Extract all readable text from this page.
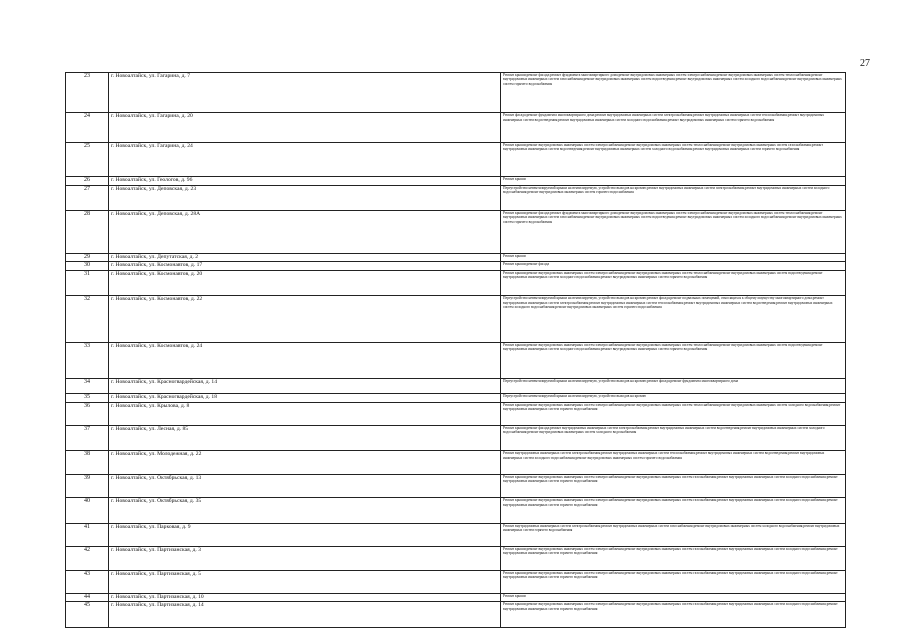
27
23	г. Новоалтайск, ул. Гагарина, д. 7	Ремонт крыши;ремонт фасада;ремонт фундамента многоквартирного дома;ремонт внутридомовых инженерных систем электроснабжения;ремонт внутридомовых инженерных систем теплоснабжения;ремонт внутридомовых инженерных систем газоснабжения;ремонт внутридомовых инженерных систем водоотведения;ремонт внутридомовых инженерных систем холодного водоснабжения;ремонт внутридомовых инженерных систем горячего водоснабжения
24	г. Новоалтайск, ул. Гагарина, д. 20	Ремонт фасада;ремонт фундамента многоквартирного дома;ремонт внутридомовых инженерных систем электроснабжения;ремонт внутридомовых инженерных систем теплоснабжения;ремонт внутридомовых инженерных систем водоотведения;ремонт внутридомовых инженерных систем холодного водоснабжения;ремонт внутридомовых инженерных систем горячего водоснабжения
25	г. Новоалтайск, ул. Гагарина, д. 24	Ремонт крыши;ремонт внутридомовых инженерных систем электроснабжения;ремонт внутридомовых инженерных систем теплоснабжения;ремонт внутридомовых инженерных систем газоснабжения;ремонт внутридомовых инженерных систем водоотведения;ремонт внутридомовых инженерных систем холодного водоснабжения;ремонт внутридомовых инженерных систем горячего водоснабжения
26	г. Новоалтайск, ул. Геологов, д. 96	Ремонт крыши
27	г. Новоалтайск, ул. Деповская, д. 23	Переустройство невентилируемой крыши на вентилируемую, устройство выходов на кровлю;ремонт внутридомовых инженерных систем электроснабжения;ремонт внутридомовых инженерных систем холодного водоснабжения;ремонт внутридомовых инженерных систем горячего водоснабжения
28	г. Новоалтайск, ул. Деповская, д. 28А	Ремонт крыши;ремонт фасада;ремонт фундамента многоквартирного дома;ремонт внутридомовых инженерных систем электроснабжения;ремонт внутридомовых инженерных систем теплоснабжения;ремонт внутридомовых инженерных систем газоснабжения;ремонт внутридомовых инженерных систем водоотведения;ремонт внутридомовых инженерных систем холодного водоснабжения;ремонт внутридомовых инженерных систем горячего водоснабжения
29	г. Новоалтайск, ул. Депутатская, д. 2	Ремонт крыши
30	г. Новоалтайск, ул. Космонавтов, д. 17	Ремонт крыши;ремонт фасада
31	г. Новоалтайск, ул. Космонавтов, д. 20	Ремонт крыши;ремонт внутридомовых инженерных систем электроснабжения;ремонт внутридомовых инженерных систем теплоснабжения;ремонт внутридомовых инженерных систем водоотведения;ремонт внутридомовых инженерных систем холодного водоснабжения;ремонт внутридомовых инженерных систем горячего водоснабжения
32	г. Новоалтайск, ул. Космонавтов, д. 22	Переустройство невентилируемой крыши на вентилируемую, устройство выходов на кровлю;ремонт фасада;ремонт подвальных помещений, относящихся к общему имуществу многоквартирного дома;ремонт внутридомовых инженерных систем электроснабжения;ремонт внутридомовых инженерных систем теплоснабжения;ремонт внутридомовых инженерных систем водоотведения;ремонт внутридомовых инженерных систем холодного водоснабжения;ремонт внутридомовых инженерных систем горячего водоснабжения
33	г. Новоалтайск, ул. Космонавтов, д. 24	Ремонт крыши;ремонт внутридомовых инженерных систем электроснабжения;ремонт внутридомовых инженерных систем теплоснабжения;ремонт внутридомовых инженерных систем водоотведения;ремонт внутридомовых инженерных систем холодного водоснабжения;ремонт внутридомовых инженерных систем горячего водоснабжения
34	г. Новоалтайск, ул. Красногвардейская, д. 14	Переустройство невентилируемой крыши на вентилируемую, устройство выходов на кровлю;ремонт фасада;ремонт фундамента многоквартирного дома
35	г. Новоалтайск, ул. Красногвардейская, д. 18	Переустройство невентилируемой крыши на вентилируемую, устройство выходов на кровлю
36	г. Новоалтайск, ул. Крылова, д. 8	Ремонт крыши;ремонт внутридомовых инженерных систем электроснабжения;ремонт внутридомовых инженерных систем теплоснабжения;ремонт внутридомовых инженерных систем холодного водоснабжения;ремонт внутридомовых инженерных систем горячего водоснабжения
37	г. Новоалтайск, ул. Лесная, д. 85	Ремонт крыши;ремонт фасада;ремонт внутридомовых инженерных систем электроснабжения;ремонт внутридомовых инженерных систем водоотведения;ремонт внутридомовых инженерных систем холодного водоснабжения;ремонт внутридомовых инженерных систем холодного водоснабжения
38	г. Новоалтайск, ул. Молодежная, д. 22	Ремонт внутридомовых инженерных систем электроснабжения;ремонт внутридомовых инженерных систем теплоснабжения;ремонт внутридомовых инженерных систем водоотведения;ремонт внутридомовых инженерных систем холодного водоснабжения;ремонт внутридомовых инженерных систем горячего водоснабжения
39	г. Новоалтайск, ул. Октябрьская, д. 13	Ремонт крыши;ремонт внутридомовых инженерных систем электроснабжения;ремонт внутридомовых инженерных систем газоснабжения;ремонт внутридомовых инженерных систем холодного водоснабжения;ремонт внутридомовых инженерных систем горячего водоснабжения
40	г. Новоалтайск, ул. Октябрьская, д. 35	Ремонт крыши;ремонт внутридомовых инженерных систем электроснабжения;ремонт внутридомовых инженерных систем газоснабжения;ремонт внутридомовых инженерных систем холодного водоснабжения;ремонт внутридомовых инженерных систем горячего водоснабжения
41	г. Новоалтайск, ул. Парковая, д. 9	Ремонт внутридомовых инженерных систем электроснабжения;ремонт внутридомовых инженерных систем газоснабжения;ремонт внутридомовых инженерных систем холодного водоснабжения;ремонт внутридомовых инженерных систем горячего водоснабжения
42	г. Новоалтайск, ул. Партизанская, д. 3	Ремонт крыши;ремонт внутридомовых инженерных систем электроснабжения;ремонт внутридомовых инженерных систем газоснабжения;ремонт внутридомовых инженерных систем холодного водоснабжения;ремонт внутридомовых инженерных систем горячего водоснабжения
43	г. Новоалтайск, ул. Партизанская, д. 5	Ремонт крыши;ремонт внутридомовых инженерных систем электроснабжения;ремонт внутридомовых инженерных систем газоснабжения;ремонт внутридомовых инженерных систем холодного водоснабжения;ремонт внутридомовых инженерных систем горячего водоснабжения
44	г. Новоалтайск, ул. Партизанская, д. 10	Ремонт крыши
45	г. Новоалтайск, ул. Партизанская, д. 14	Ремонт крыши;ремонт внутридомовых инженерных систем электроснабжения;ремонт внутридомовых инженерных систем газоснабжения;ремонт внутридомовых инженерных систем холодного водоснабжения;ремонт внутридомовых инженерных систем горячего водоснабжения
